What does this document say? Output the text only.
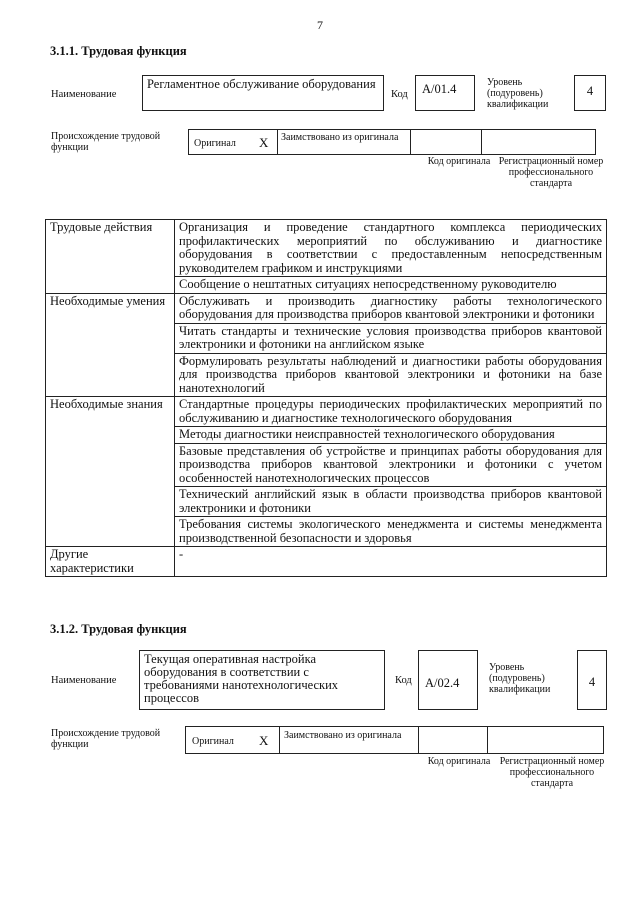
7
3.1.1. Трудовая функция
Наименование
Регламентное обслуживание оборудования
Код	A/01.4	Уровень (подуровень) квалификации
4
Происхождение трудовой функции	Оригинал X Заимствовано из оригинала
Код оригинала Регистрационный номер профессионального стандарта
Трудовые действия	Организация и проведение стандартного комплекса периодических профилактических мероприятий по обслуживанию и диагностике оборудования в соответствии с предоставленным непосредственным руководителем графиком и инструкциями
	Сообщение о нештатных ситуациях непосредственному руководителю
Необходимые умения	Обслуживать и производить диагностику работы технологического оборудования для производства приборов квантовой электроники и фотоники
	Читать стандарты и технические условия производства приборов квантовой электроники и фотоники на английском языке
	Формулировать результаты наблюдений и диагностики работы оборудования для производства приборов квантовой электроники и фотоники на базе нанотехнологий
Необходимые знания	Стандартные процедуры периодических профилактических мероприятий по обслуживанию и диагностике технологического оборудования
	Методы диагностики неисправностей технологического оборудования
	Базовые представления об устройстве и принципах работы оборудования для производства приборов квантовой электроники и фотоники с учетом особенностей нанотехнологических процессов
	Технический английский язык в области производства приборов квантовой электроники и фотоники
	Требования системы экологического менеджмента и системы менеджмента производственной безопасности и здоровья
Другие характеристики	-
3.1.2. Трудовая функция
Наименование
Текущая оперативная настройка оборудования в соответствии с требованиями нанотехнологических процессов
Код	A/02.4
Уровень (подуровень) квалификации
4
Происхождение трудовой функции	Оригинал X Заимствовано из оригинала
Код оригинала Регистрационный номер профессионального стандарта
